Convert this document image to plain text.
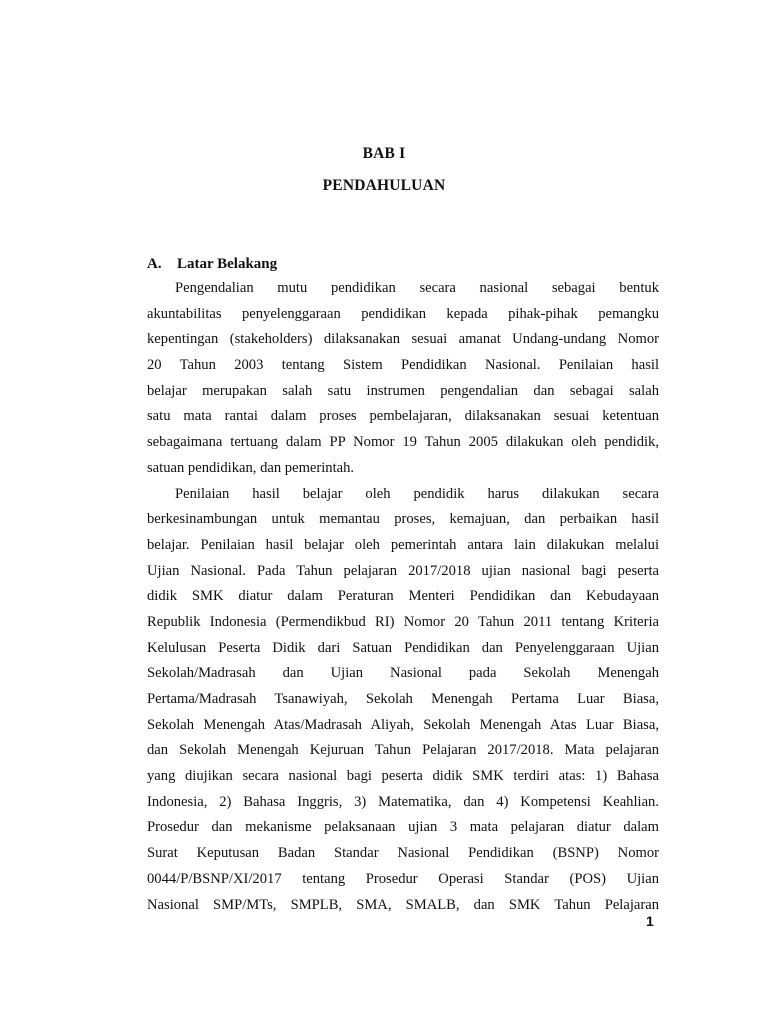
BAB I
PENDAHULUAN
A. Latar Belakang
Pengendalian mutu pendidikan secara nasional sebagai bentuk
akuntabilitas penyelenggaraan pendidikan kepada pihak-pihak pemangku
kepentingan (stakeholders) dilaksanakan sesuai amanat Undang-undang Nomor
20 Tahun 2003 tentang Sistem Pendidikan Nasional. Penilaian hasil
belajar merupakan salah satu instrumen pengendalian dan sebagai salah
satu mata rantai dalam proses pembelajaran, dilaksanakan sesuai ketentuan
sebagaimana tertuang dalam PP Nomor 19 Tahun 2005 dilakukan oleh pendidik,
satuan pendidikan, dan pemerintah.
Penilaian hasil belajar oleh pendidik harus dilakukan secara
berkesinambungan untuk memantau proses, kemajuan, dan perbaikan hasil
belajar. Penilaian hasil belajar oleh pemerintah antara lain dilakukan melalui
Ujian Nasional. Pada Tahun pelajaran 2017/2018 ujian nasional bagi peserta
didik SMK diatur dalam Peraturan Menteri Pendidikan dan Kebudayaan
Republik Indonesia (Permendikbud RI) Nomor 20 Tahun 2011 tentang Kriteria
Kelulusan Peserta Didik dari Satuan Pendidikan dan Penyelenggaraan Ujian
Sekolah/Madrasah dan Ujian Nasional pada Sekolah Menengah
Pertama/Madrasah Tsanawiyah, Sekolah Menengah Pertama Luar Biasa,
Sekolah Menengah Atas/Madrasah Aliyah, Sekolah Menengah Atas Luar Biasa,
dan Sekolah Menengah Kejuruan Tahun Pelajaran 2017/2018. Mata pelajaran
yang diujikan secara nasional bagi peserta didik SMK terdiri atas: 1) Bahasa
Indonesia, 2) Bahasa Inggris, 3) Matematika, dan 4) Kompetensi Keahlian.
Prosedur dan mekanisme pelaksanaan ujian 3 mata pelajaran diatur dalam
Surat Keputusan Badan Standar Nasional Pendidikan (BSNP) Nomor
0044/P/BSNP/XI/2017 tentang Prosedur Operasi Standar (POS) Ujian
Nasional SMP/MTs, SMPLB, SMA, SMALB, dan SMK Tahun Pelajaran
1
